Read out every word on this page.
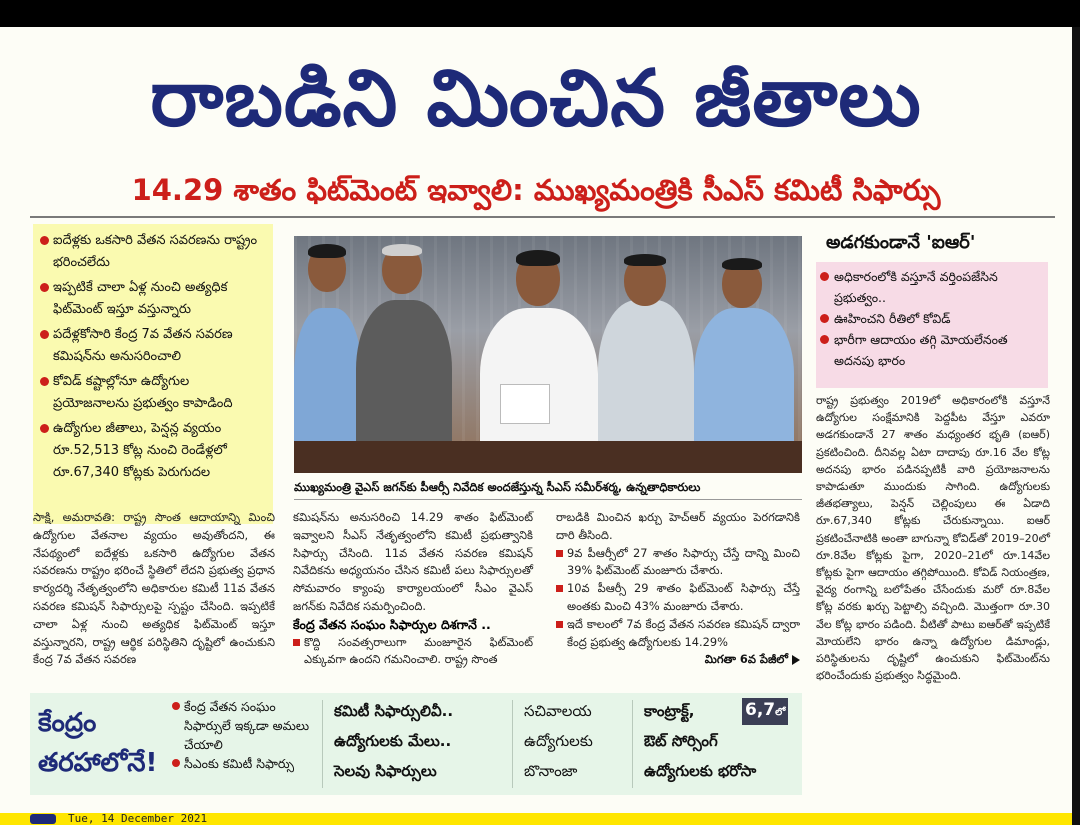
రాబడిని మించిన జీతాలు
14.29 శాతం ఫిట్‌మెంట్ ఇవ్వాలి: ముఖ్యమంత్రికి సీఎస్ కమిటీ సిఫార్సు
ఐదేళ్లకు ఒకసారి వేతన సవరణను రాష్ట్రం భరించలేదు
ఇప్పటికే చాలా ఏళ్ల నుంచి అత్యధిక ఫిట్‌మెంట్ ఇస్తూ వస్తున్నారు
పదేళ్లకోసారి కేంద్ర 7వ వేతన సవరణ కమిషన్‌ను అనుసరించాలి
కోవిడ్ కష్టాల్లోనూ ఉద్యోగుల ప్రయోజనాలను ప్రభుత్వం కాపాడింది
ఉద్యోగుల జీతాలు, పెన్షన్ల వ్యయం రూ.52,513 కోట్ల నుంచి రెండేళ్లలో రూ.67,340 కోట్లకు పెరుగుదల
ముఖ్యమంత్రి వైఎస్ జగన్‌కు పీఆర్సీ నివేదిక అందజేస్తున్న సీఎస్ సమీర్‌శర్మ, ఉన్నతాధికారులు
సాక్షి, అమరావతి: రాష్ట్ర సొంత ఆదాయాన్ని మించి ఉద్యోగుల వేతనాల వ్యయం అవుతోందని, ఈ నేపథ్యంలో ఐదేళ్లకు ఒకసారి ఉద్యోగుల వేతన సవరణను రాష్ట్రం భరించే స్థితిలో లేదని ప్రభుత్వ ప్రధాన కార్యదర్శి నేతృత్వంలోని అధికారుల కమిటీ 11వ వేతన సవరణ కమిషన్ సిఫార్సులపై స్పష్టం చేసింది. ఇప్పటికే చాలా ఏళ్ల నుంచి అత్యధిక ఫిట్‌మెంట్ ఇస్తూ వస్తున్నారని, రాష్ట్ర ఆర్థిక పరిస్థితిని దృష్టిలో ఉంచుకుని కేంద్ర 7వ వేతన సవరణ
కమిషన్‌ను అనుసరించి 14.29 శాతం ఫిట్‌మెంట్ ఇవ్వాలని సీఎస్ నేతృత్వంలోని కమిటీ ప్రభుత్వానికి సిఫార్సు చేసింది. 11వ వేతన సవరణ కమిషన్ నివేదికను అధ్యయనం చేసిన కమిటీ పలు సిఫార్సులతో సోమవారం క్యాంపు కార్యాలయంలో సీఎం వైఎస్ జగన్‌కు నివేదిక సమర్పించింది.
కేంద్ర వేతన సంఘం సిఫార్సుల దిశగానే ..
కొద్ది సంవత్సరాలుగా మంజూరైన ఫిట్‌మెంట్ ఎక్కువగా ఉందని గమనించాలి. రాష్ట్ర సొంత
రాబడికి మించిన ఖర్చు హెచ్ఆర్ వ్యయం పెరగడానికి దారి తీసింది.
9వ పీఆర్సీలో 27 శాతం సిఫార్సు చేస్తే దాన్ని మించి 39% ఫిట్‌మెంట్ మంజూరు చేశారు.
10వ పీఆర్సీ 29 శాతం ఫిట్‌మెంట్ సిఫార్సు చేస్తే అంతకు మించి 43% మంజూరు చేశారు.
ఇదే కాలంలో 7వ కేంద్ర వేతన సవరణ కమిషన్ ద్వారా కేంద్ర ప్రభుత్వ ఉద్యోగులకు 14.29%
మిగతా 6వ పేజీలో
అడగకుండానే 'ఐఆర్'
అధికారంలోకి వస్తూనే వర్తింపజేసిన ప్రభుత్వం..
ఊహించని రీతిలో కోవిడ్
భారీగా ఆదాయం తగ్గి మోయలేనంత అదనపు భారం
రాష్ట్ర ప్రభుత్వం 2019లో అధికారంలోకి వస్తూనే ఉద్యోగుల సంక్షేమానికి పెద్దపీట వేస్తూ ఎవరూ అడగకుండానే 27 శాతం మధ్యంతర భృతి (ఐఆర్) ప్రకటించింది. దీనివల్ల ఏటా దాదాపు రూ.16 వేల కోట్ల అదనపు భారం పడినప్పటికీ వారి ప్రయోజనాలను కాపాడుతూ ముందుకు సాగింది. ఉద్యోగులకు జీతభత్యాలు, పెన్షన్ చెల్లింపులు ఈ ఏడాది రూ.67,340 కోట్లకు చేరుకున్నాయి. ఐఆర్ ప్రకటించేనాటికి అంతా బాగున్నా కోవిడ్‌తో 2019–20లో రూ.8వేల కోట్లకు పైగా, 2020–21లో రూ.14వేల కోట్లకు పైగా ఆదాయం తగ్గిపోయింది. కోవిడ్ నియంత్రణ, వైద్య రంగాన్ని బలోపేతం చేసేందుకు మరో రూ.8వేల కోట్ల వరకు ఖర్చు పెట్టాల్సి వచ్చింది. మొత్తంగా రూ.30 వేల కోట్ల భారం పడింది. వీటితో పాటు ఐఆర్‌తో ఇప్పటికే మోయలేని భారం ఉన్నా ఉద్యోగుల డిమాండ్లు, పరిస్థితులను దృష్టిలో ఉంచుకుని ఫిట్‌మెంట్‌ను భరించేందుకు ప్రభుత్వం సిద్ధమైంది.
కేంద్రం
తరహాలోనే!
కేంద్ర వేతన సంఘం సిఫార్సులే ఇక్కడా అమలు చేయాలి
సీఎంకు కమిటీ సిఫార్సు
కమిటీ సిఫార్సులివీ..
ఉద్యోగులకు మేలు..
సెలవు సిఫార్సులు
సచివాలయ
ఉద్యోగులకు
బొనాంజా
కాంట్రాక్ట్,
ఔట్ సోర్సింగ్
ఉద్యోగులకు భరోసా
6,7లో
Tue, 14 December 2021
